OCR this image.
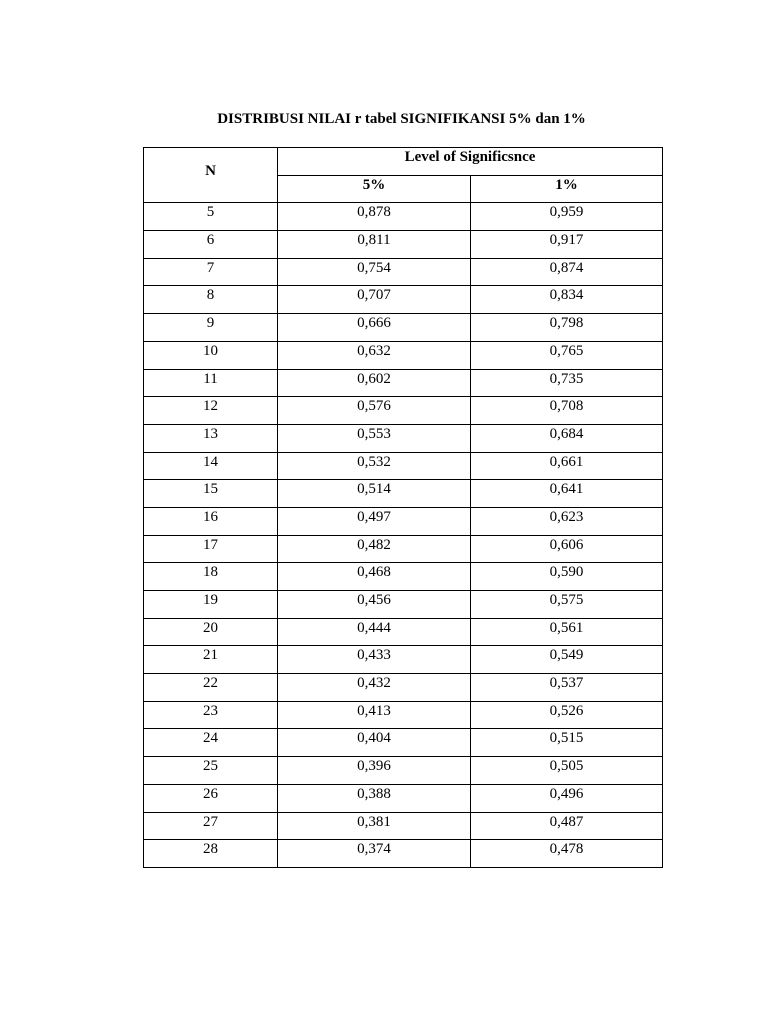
DISTRIBUSI NILAI r tabel SIGNIFIKANSI 5% dan 1%
N	Level of Significsnce	
	5%	1%
5	0,878	0,959
6	0,811	0,917
7	0,754	0,874
8	0,707	0,834
9	0,666	0,798
10	0,632	0,765
11	0,602	0,735
12	0,576	0,708
13	0,553	0,684
14	0,532	0,661
15	0,514	0,641
16	0,497	0,623
17	0,482	0,606
18	0,468	0,590
19	0,456	0,575
20	0,444	0,561
21	0,433	0,549
22	0,432	0,537
23	0,413	0,526
24	0,404	0,515
25	0,396	0,505
26	0,388	0,496
27	0,381	0,487
28	0,374	0,478
